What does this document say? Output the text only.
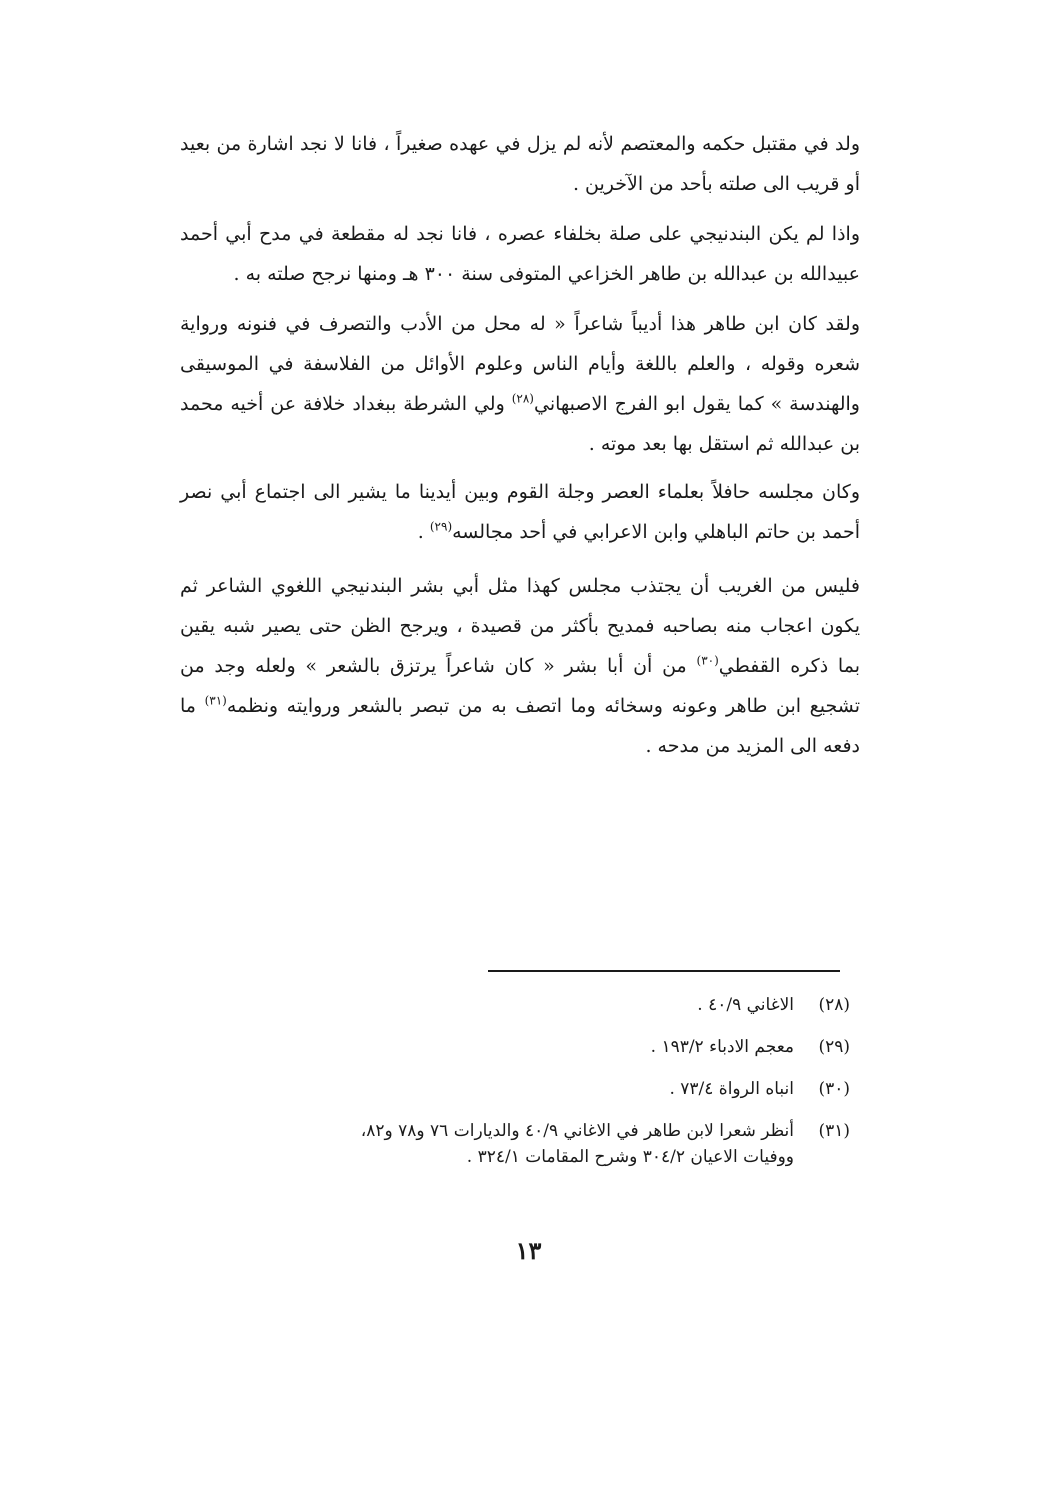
ولد في مقتبل حكمه والمعتصم لأنه لم يزل في عهده صغيراً ، فانا لا نجد اشارة من بعيد أو قريب الى صلته بأحد من الآخرين .

واذا لم يكن البندنيجي على صلة بخلفاء عصره ، فانا نجد له مقطعة في مدح أبي أحمد عبيدالله بن عبدالله بن طاهر الخزاعي المتوفى سنة ٣٠٠ هـ ومنها نرجح صلته به .

ولقد كان ابن طاهر هذا أديباً شاعراً « له محل من الأدب والتصرف في فنونه ورواية شعره وقوله ، والعلم باللغة وأيام الناس وعلوم الأوائل من الفلاسفة في الموسيقى والهندسة » كما يقول ابو الفرج الاصبهاني$^{(٢٨)}$ ولي الشرطة ببغداد خلافة عن أخيه محمد بن عبدالله ثم استقل بها بعد موته .

وكان مجلسه حافلاً بعلماء العصر وجلة القوم وبين أيدينا ما يشير الى اجتماع أبي نصر أحمد بن حاتم الباهلي وابن الاعرابي في أحد مجالسه$^{(٢٩)}$ .

فليس من الغريب أن يجتذب مجلس كهذا مثل أبي بشر البندنيجي اللغوي الشاعر ثم يكون اعجاب منه بصاحبه فمديح بأكثر من قصيدة ، ويرجح الظن حتى يصير شبه يقين بما ذكره القفطي$^{(٣٠)}$ من أن أبا بشر « كان شاعراً يرتزق بالشعر » ولعله وجد من تشجيع ابن طاهر وعونه وسخائه وما اتصف به من تبصر بالشعر وروايته ونظمه$^{(٣١)}$ ما دفعه الى المزيد من مدحه .

(٢٨)
الاغاني ٤٠/٩ .
(٢٩)
معجم الادباء ١٩٣/٢ .
(٣٠)
انباه الرواة ٧٣/٤ .
(٣١)
أنظر شعرا لابن طاهر في الاغاني ٤٠/٩ والديارات ٧٦ و٧٨ و٨٢،
ووفيات الاعيان ٣٠٤/٢ وشرح المقامات ٣٢٤/١ .
١٣
